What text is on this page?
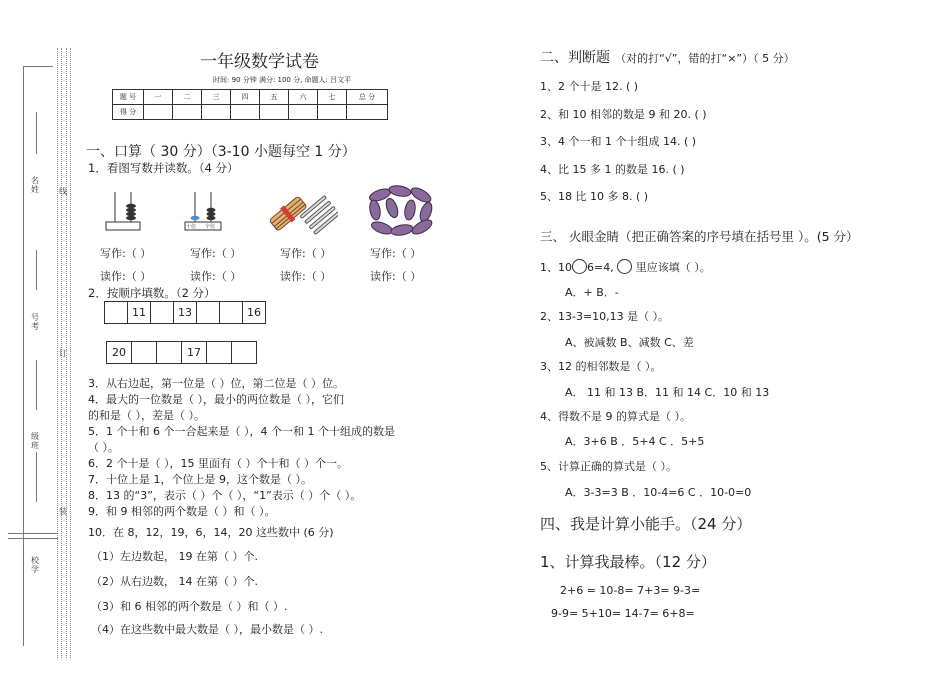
名 姓	线
号 考
订
级 班
装
校 学
一年级数学试卷
时间: 90 分钟 满分: 100 分, 命题人: 吕文平
题 号	一	二	三	四	五	六	七	总 分
得 分								
一、口算（ 30 分）（3-10 小题每空 1 分）
1．看图写数并读数。（4 分）
十位 个位
写作:（ ）	写作:（ ）	写作:（ ）	写作:（ ）
读作:（ ）	读作:（ ）	读作:（ ）	读作:（ ）
2．按顺序填数。（2 分）
11	13	16
20	17
3．从右边起，第一位是（ ）位，第二位是（ ）位。
4．最大的一位数是（ ），最小的两位数是（ ），它们
的和是（ ），差是（ ）。
5．1 个十和 6 个一合起来是（ ），4 个一和 1 个十组成的数是
（ ）。
6．2 个十是（ ），15 里面有（ ）个十和（ ）个一。
7．十位上是 1，个位上是 9，这个数是（ ）。
8．13 的“3”，表示（ ）个（ ），“1”表示（ ）个（ ）。
9．和 9 相邻的两个数是（ ）和（ ）。
10．在 8，12，19，6，14，20 这些数中 (6 分)
（1）左边数起， 19 在第（ ）个.
（2）从右边数， 14 在第（ ）个.
（3）和 6 相邻的两个数是（ ）和（ ）.
（4）在这些数中最大数是（ ），最小数是（ ）.
二、判断题 （对的打“√”，错的打“×”）（ 5 分）
1、2 个十是 12. ( )
2、和 10 相邻的数是 9 和 20. ( )
3、4 个一和 1 个十组成 14. ( )
4、比 15 多 1 的数是 16. ( )
5、18 比 10 多 8. ( )
三、 火眼金睛（把正确答案的序号填在括号里 ）。(5 分）
1、10 6=4, 里应该填（ ）。
A．+ B．-
2、13-3=10,13 是（ ）。
A、被减数 B、减数 C、差
3、12 的相邻数是（ ）。
A． 11 和 13 B．11 和 14 C．10 和 13
4、得数不是 9 的算式是（ ）。
A．3+6 B ．5+4 C ．5+5
5、计算正确的算式是（ ）。
A．3-3=3 B ．10-4=6 C ．10-0=0
四、我是计算小能手。（24 分）
1、计算我最棒。（12 分）
2+6 = 10-8= 7+3= 9-3=
9-9= 5+10= 14-7= 6+8=
